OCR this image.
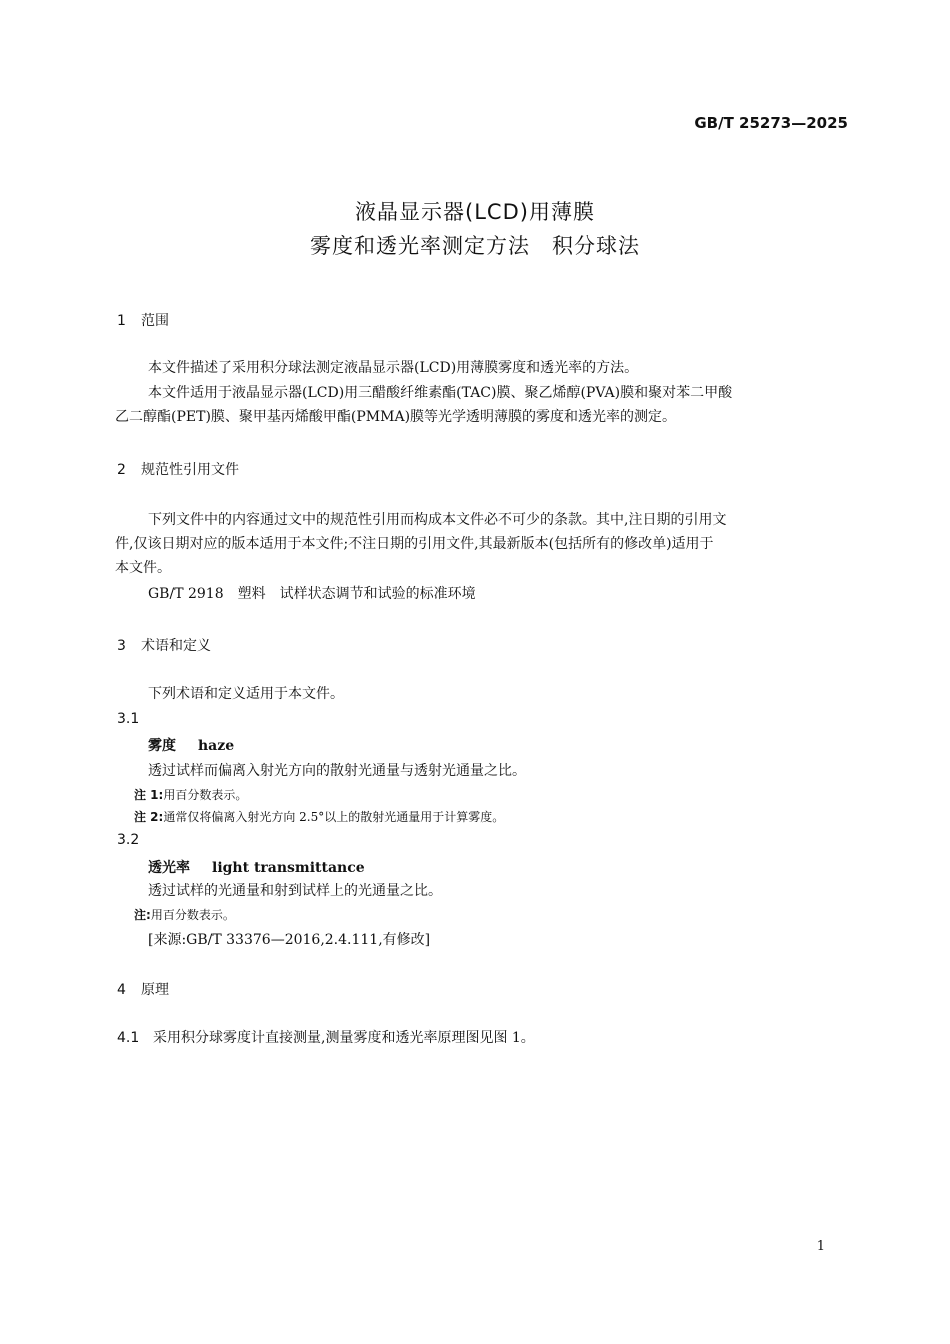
GB/T 25273—2025
液晶显示器(LCD)用薄膜
雾度和透光率测定方法　积分球法
1 范围
本文件描述了采用积分球法测定液晶显示器(LCD)用薄膜雾度和透光率的方法。
本文件适用于液晶显示器(LCD)用三醋酸纤维素酯(TAC)膜、聚乙烯醇(PVA)膜和聚对苯二甲酸
乙二醇酯(PET)膜、聚甲基丙烯酸甲酯(PMMA)膜等光学透明薄膜的雾度和透光率的测定。
2 规范性引用文件
下列文件中的内容通过文中的规范性引用而构成本文件必不可少的条款。其中,注日期的引用文
件,仅该日期对应的版本适用于本文件;不注日期的引用文件,其最新版本(包括所有的修改单)适用于
本文件。
GB/T 2918　塑料　试样状态调节和试验的标准环境
3 术语和定义
下列术语和定义适用于本文件。
3.1
雾度 haze
透过试样而偏离入射光方向的散射光通量与透射光通量之比。
注 1:用百分数表示。
注 2:通常仅将偏离入射光方向 2.5°以上的散射光通量用于计算雾度。
3.2
透光率 light transmittance
透过试样的光通量和射到试样上的光通量之比。
注:用百分数表示。
[来源:GB/T 33376—2016,2.4.111,有修改]
4 原理
4.1 采用积分球雾度计直接测量,测量雾度和透光率原理图见图 1。
1
